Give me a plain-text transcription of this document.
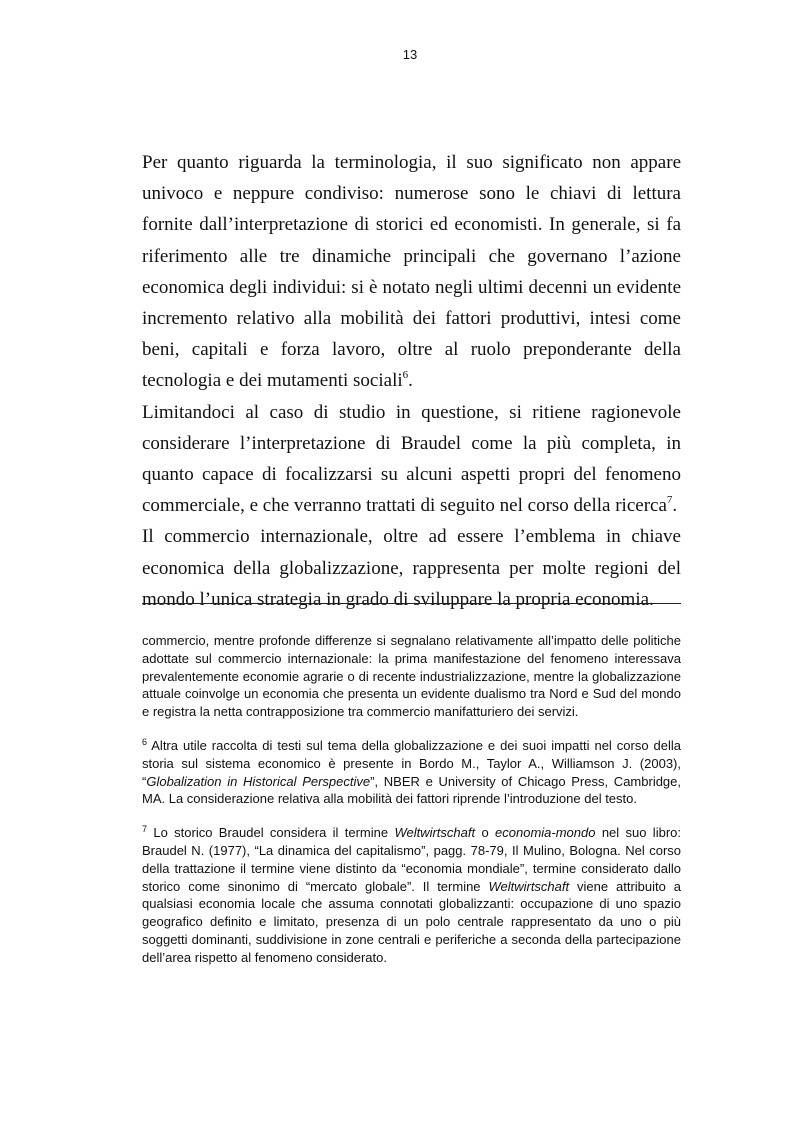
13

Per quanto riguarda la terminologia, il suo significato non appare univoco e neppure condiviso: numerose sono le chiavi di lettura fornite dall’interpretazione di storici ed economisti. In generale, si fa riferimento alle tre dinamiche principali che governano l’azione economica degli individui: si è notato negli ultimi decenni un evidente incremento relativo alla mobilità dei fattori produttivi, intesi come beni, capitali e forza lavoro, oltre al ruolo preponderante della tecnologia e dei mutamenti sociali$^6$.

Limitandoci al caso di studio in questione, si ritiene ragionevole considerare l’interpretazione di Braudel come la più completa, in quanto capace di focalizzarsi su alcuni aspetti propri del fenomeno commerciale, e che verranno trattati di seguito nel corso della ricerca$^7$.

Il commercio internazionale, oltre ad essere l’emblema in chiave economica della globalizzazione, rappresenta per molte regioni del mondo l’unica strategia in grado di sviluppare la propria economia.

commercio, mentre profonde differenze si segnalano relativamente all’impatto delle politiche adottate sul commercio internazionale: la prima manifestazione del fenomeno interessava prevalentemente economie agrarie o di recente industrializzazione, mentre la globalizzazione attuale coinvolge un economia che presenta un evidente dualismo tra Nord e Sud del mondo e registra la netta contrapposizione tra commercio manifatturiero dei servizi.

$^6$ Altra utile raccolta di testi sul tema della globalizzazione e dei suoi impatti nel corso della storia sul sistema economico è presente in Bordo M., Taylor A., Williamson J. (2003), “Globalization in Historical Perspective”, NBER e University of Chicago Press, Cambridge, MA. La considerazione relativa alla mobilità dei fattori riprende l’introduzione del testo.

$^7$ Lo storico Braudel considera il termine Weltwirtschaft o economia-mondo nel suo libro: Braudel N. (1977), “La dinamica del capitalismo”, pagg. 78-79, Il Mulino, Bologna. Nel corso della trattazione il termine viene distinto da “economia mondiale”, termine considerato dallo storico come sinonimo di “mercato globale”. Il termine Weltwirtschaft viene attribuito a qualsiasi economia locale che assuma connotati globalizzanti: occupazione di uno spazio geografico definito e limitato, presenza di un polo centrale rappresentato da uno o più soggetti dominanti, suddivisione in zone centrali e periferiche a seconda della partecipazione dell’area rispetto al fenomeno considerato.
